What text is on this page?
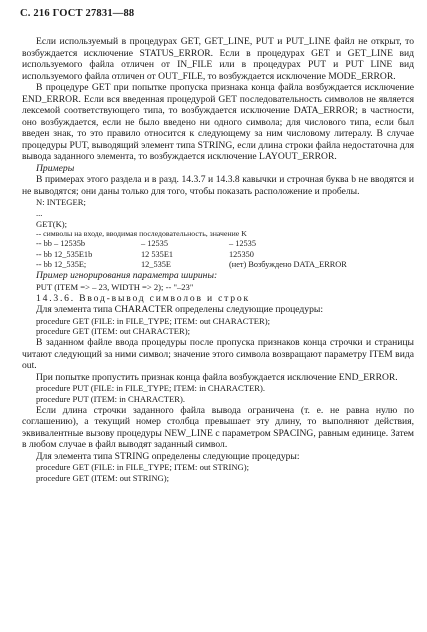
С. 216 ГОСТ 27831—88

Если используемый в процедурах GET, GET_LINE, PUT и PUT_LINE файл не открыт, то возбуждается исключение STATUS_ERROR. Если в процедурах GET и GET_LINE вид используемого файла отличен от IN_FILE или в процедурах PUT и PUT LINE вид используемого файла отличен от OUT_FILE, то возбуждается исключение MODE_ERROR.

В процедуре GET при попытке пропуска признака конца файла возбуждается исключение END_ERROR. Если вся введенная процедурой GET последовательность символов не является лексемой соответствующего типа, то возбуждается исключение DATA_ERROR; в частности, оно возбуждается, если не было введено ни одного символа; для числового типа, если был введен знак, то это правило относится к следующему за ним числовому литералу. В случае процедуры PUT, выводящий элемент типа STRING, если длина строки файла недостаточна для вывода заданного элемента, то возбуждается исключение LAYOUT_ERROR.

Примеры

В примерах этого раздела и в разд. 14.3.7 и 14.3.8 кавычки и строчная буква b не вводятся и не выводятся; они даны только для того, чтобы показать расположение и пробелы.

N: INTEGER;

...

GET(K);

-- символы на входе, вводимая последовательность, значение K

-- bb – 12535b	– 12535	– 12535
-- bb 12_535E1b	12 535E1	125350
-- bb 12_535E;	12_535E	(нет) Возбуждено DATA_ERROR

Пример игнорирования параметра ширины:

PUT (ITEM => – 23, WIDTH => 2); -- "–23"

14.3.6. Ввод-вывод символов и строк

Для элемента типа CHARACTER определены следующие процедуры:

procedure GET (FILE: in FILE_TYPE; ITEM: out CHARACTER);

procedure GET (ITEM: out CHARACTER);

В заданном файле ввода процедуры после пропуска признаков конца строчки и страницы читают следующий за ними символ; значение этого символа возвращают параметру ITEM вида out.

При попытке пропустить признак конца файла возбуждается исключение END_ERROR.

procedure PUT (FILE: in FILE_TYPE; ITEM: in CHARACTER).

procedure PUT (ITEM: in CHARACTER).

Если длина строчки заданного файла вывода ограничена (т. е. не равна нулю по соглашению), а текущий номер столбца превышает эту длину, то выполняют действия, эквивалентные вызову процедуры NEW_LINE с параметром SPACING, равным единице. Затем в любом случае в файл выводят заданный символ.

Для элемента типа STRING определены следующие процедуры:

procedure GET (FILE: in FILE_TYPE; ITEM: out STRING);

procedure GET (ITEM: out STRING);
